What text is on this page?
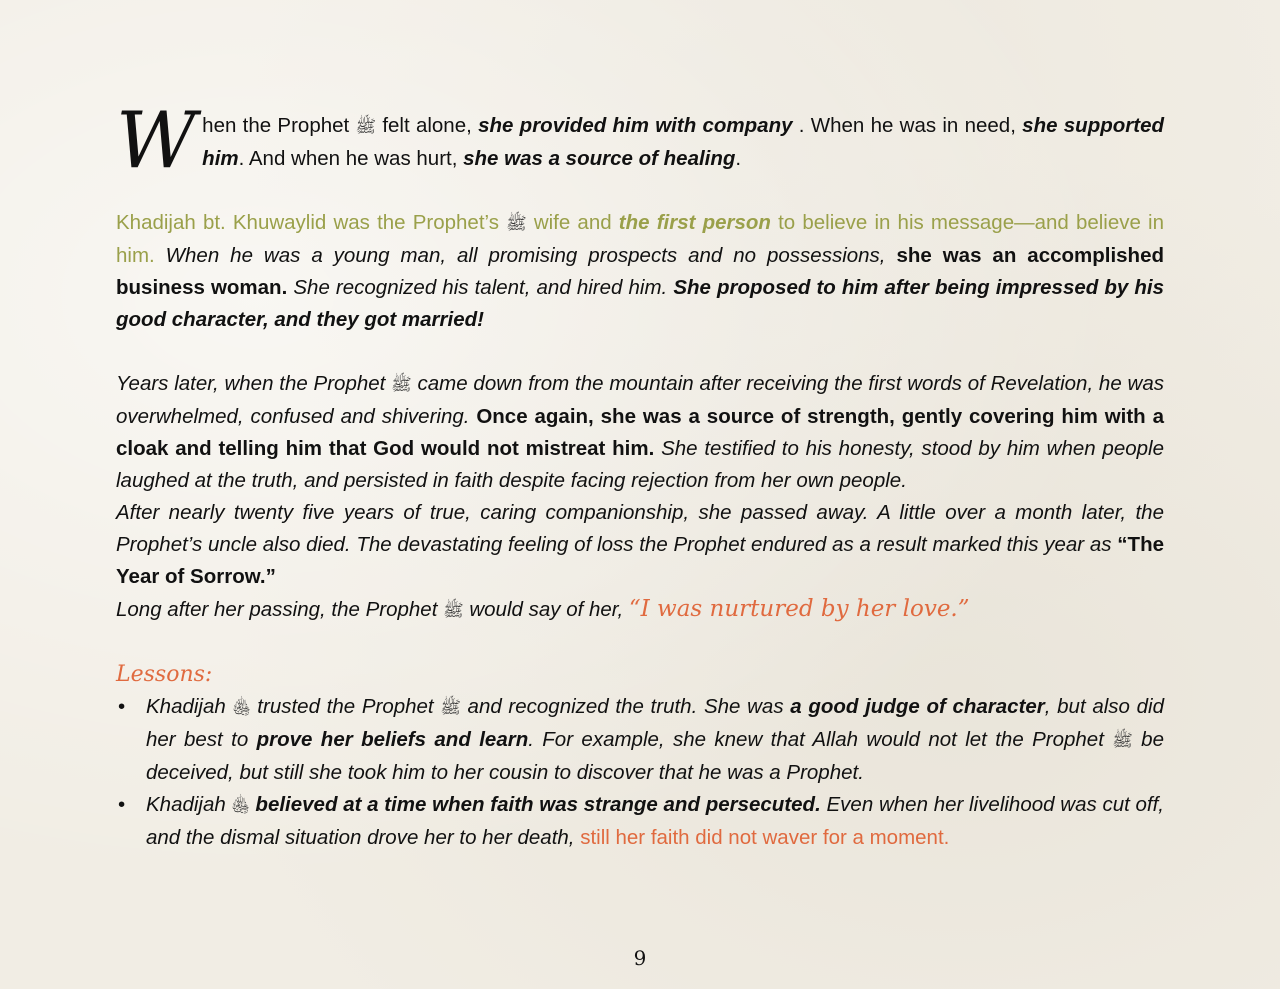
When the Prophet ﷺ felt alone, she provided him with company . When he was in need, she supported him. And when he was hurt, she was a source of healing.

Khadijah bt. Khuwaylid was the Prophet’s ﷺ wife and the first person to believe in his message—and believe in him. When he was a young man, all promising prospects and no possessions, she was an accomplished business woman. She recognized his talent, and hired him. She proposed to him after being impressed by his good character, and they got married!

Years later, when the Prophet ﷺ came down from the mountain after receiving the first words of Revelation, he was overwhelmed, confused and shivering. Once again, she was a source of strength, gently covering him with a cloak and telling him that God would not mistreat him. She testified to his honesty, stood by him when people laughed at the truth, and persisted in faith despite facing rejection from her own people.

After nearly twenty five years of true, caring companionship, she passed away. A little over a month later, the Prophet’s uncle also died. The devastating feeling of loss the Prophet endured as a result marked this year as “The Year of Sorrow.”

Long after her passing, the Prophet ﷺ would say of her, “I was nurtured by her love.”

Lessons:

• Khadijah ﵅ trusted the Prophet ﷺ and recognized the truth. She was a good judge of character, but also did her best to prove her beliefs and learn. For example, she knew that Allah would not let the Prophet ﷺ be deceived, but still she took him to her cousin to discover that he was a Prophet.
• Khadijah ﵅ believed at a time when faith was strange and persecuted. Even when her livelihood was cut off, and the dismal situation drove her to her death, still her faith did not waver for a moment.
9
